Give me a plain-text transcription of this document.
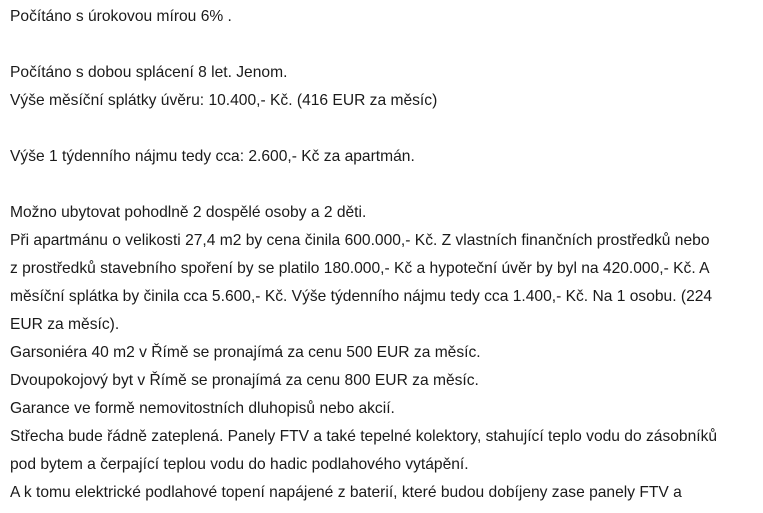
Počítáno s úrokovou mírou 6% .

Počítáno s dobou splácení 8 let. Jenom.

Výše měsíční splátky úvěru: 10.400,- Kč. (416 EUR za měsíc)

Výše 1 týdenního nájmu tedy cca: 2.600,- Kč za apartmán.

Možno ubytovat pohodlně 2 dospělé osoby a 2 děti.

Při apartmánu o velikosti 27,4 m2 by cena činila 600.000,- Kč. Z vlastních finančních prostředků nebo

z prostředků stavebního spoření by se platilo 180.000,- Kč a hypoteční úvěr by byl na 420.000,- Kč. A

měsíční splátka by činila cca 5.600,- Kč. Výše týdenního nájmu tedy cca 1.400,- Kč. Na 1 osobu. (224

EUR za měsíc).

Garsoniéra 40 m2 v Římě se pronajímá za cenu 500 EUR za měsíc.

Dvoupokojový byt v Římě se pronajímá za cenu 800 EUR za měsíc.

Garance ve formě nemovitostních dluhopisů nebo akcií.

Střecha bude řádně zateplená. Panely FTV a také tepelné kolektory, stahující teplo vodu do zásobníků

pod bytem a čerpající teplou vodu do hadic podlahového vytápění.

A k tomu elektrické podlahové topení napájené z baterií, které budou dobíjeny zase panely FTV a
